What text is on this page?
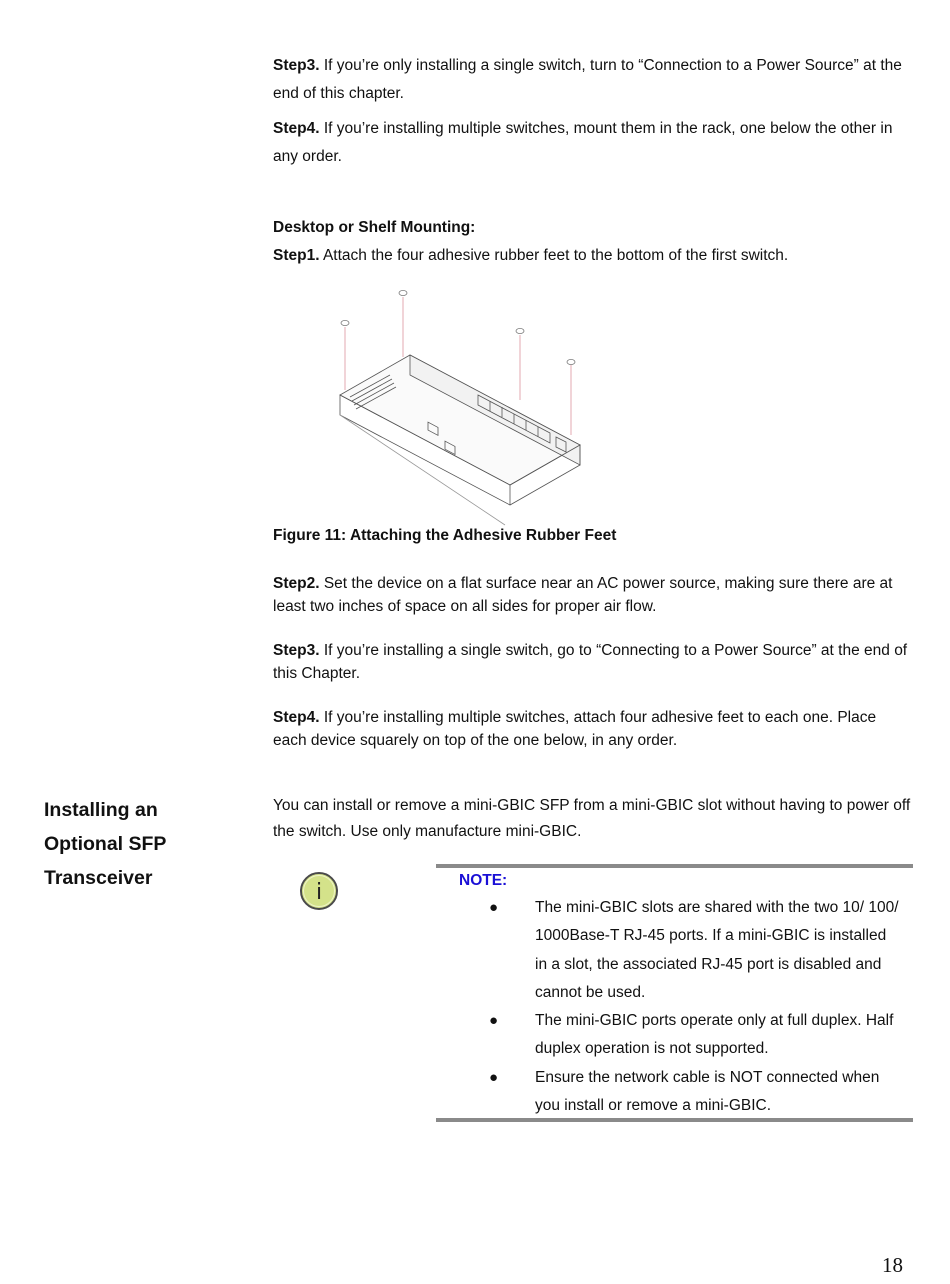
Step3. If you’re only installing a single switch, turn to “Connection to a Power Source” at the end of this chapter.

Step4. If you’re installing multiple switches, mount them in the rack, one below the other in any order.

Desktop or Shelf Mounting:

Step1. Attach the four adhesive rubber feet to the bottom of the first switch.

Figure 11: Attaching the Adhesive Rubber Feet

Step2. Set the device on a flat surface near an AC power source, making sure there are at least two inches of space on all sides for proper air flow.

Step3. If you’re installing a single switch, go to “Connecting to a Power Source” at the end of this Chapter.

Step4. If you’re installing multiple switches, attach four adhesive feet to each one. Place each device squarely on top of the one below, in any order.

Installing an
Optional SFP
Transceiver

You can install or remove a mini-GBIC SFP from a mini-GBIC slot without having to power off the switch. Use only manufacture mini-GBIC.

i	NOTE:
● The mini-GBIC slots are shared with the two 10/ 100/ 1000Base-T RJ-45 ports. If a mini-GBIC is installed in a slot, the associated RJ-45 port is disabled and cannot be used.
● The mini-GBIC ports operate only at full duplex. Half duplex operation is not supported.
● Ensure the network cable is NOT connected when you install or remove a mini-GBIC.
18
